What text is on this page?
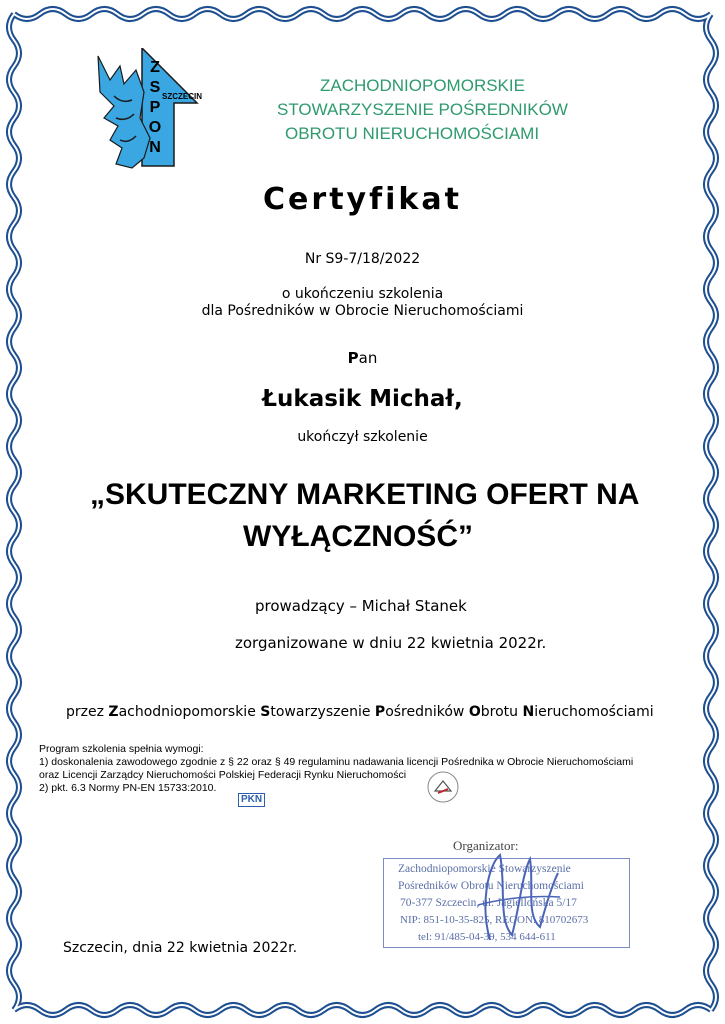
Z
S
P
O
N
SZCZECIN
ZACHODNIOPOMORSKIE
STOWARZYSZENIE POŚREDNIKÓW
OBROTU NIERUCHOMOŚCIAMI
Certyfikat
Nr S9-7/18/2022
o ukończeniu szkolenia
dla Pośredników w Obrocie Nieruchomościami
Pan
Łukasik Michał,
ukończył szkolenie
„SKUTECZNY MARKETING OFERT NA
WYŁĄCZNOŚĆ”
prowadzący – Michał Stanek
zorganizowane w dniu 22 kwietnia 2022r.
przez Zachodniopomorskie Stowarzyszenie Pośredników Obrotu Nieruchomościami
Program szkolenia spełnia wymogi:
1) doskonalenia zawodowego zgodnie z § 22 oraz § 49 regulaminu nadawania licencji Pośrednika w Obrocie Nieruchomościami
oraz Licencji Zarządcy Nieruchomości Polskiej Federacji Rynku Nieruchomości
2) pkt. 6.3 Normy PN-EN 15733:2010.
PKN
Organizator:
Zachodniopomorskie Stowarzyszenie
Pośredników Obrotu Nieruchomościami
70-377 Szczecin, ul. Jagiellońska 5/17
NIP: 851-10-35-825, REGON: 810702673
tel: 91/485-04-39, 534 644-611
Szczecin, dnia 22 kwietnia 2022r.
